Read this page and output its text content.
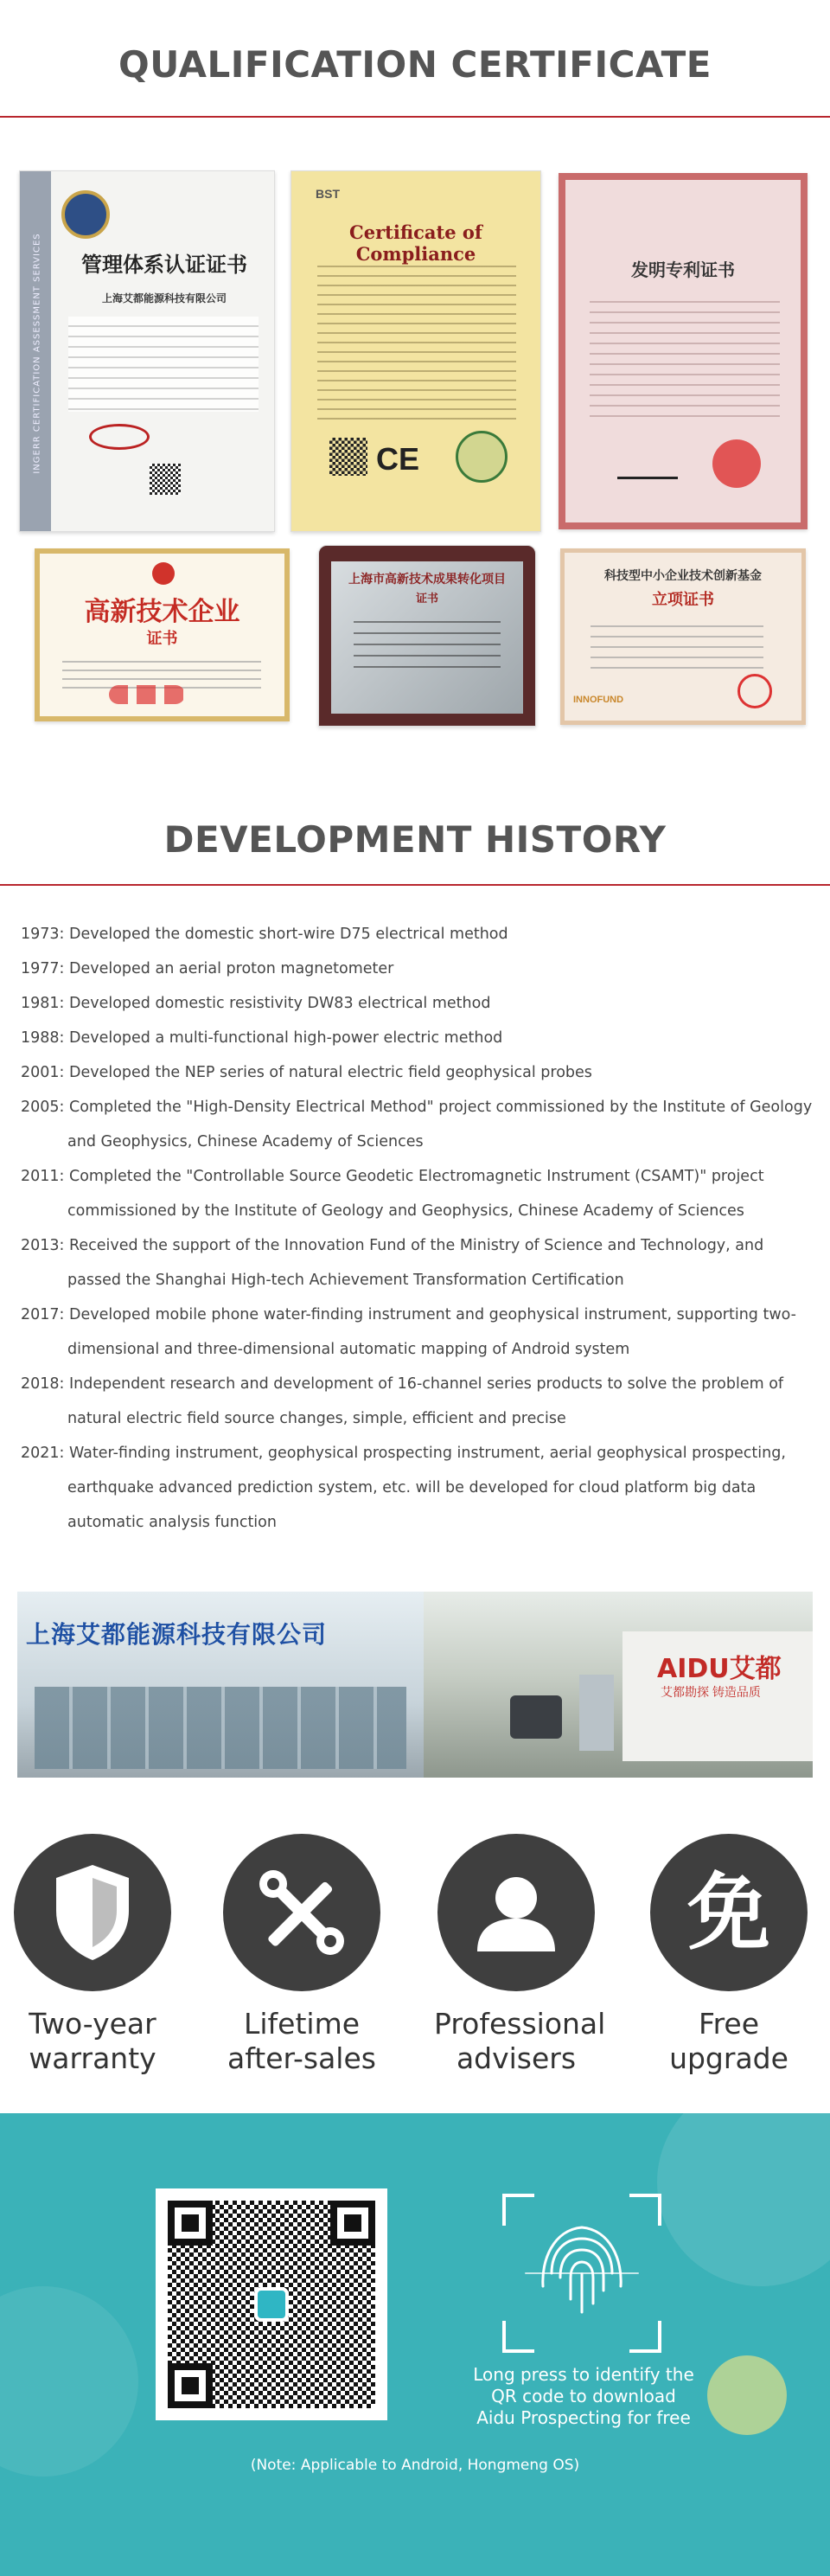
QUALIFICATION CERTIFICATE
INGERR CERTIFICATION ASSESSMENT SERVICES	管理体系认证证书
上海艾都能源科技有限公司
BST
Certificate of Compliance
CE
发明专利证书
高新技术企业
证书
上海市高新技术成果转化项目
证书
科技型中小企业技术创新基金
立项证书
INNOFUND
DEVELOPMENT HISTORY
1973: Developed the domestic short-wire D75 electrical method
1977: Developed an aerial proton magnetometer
1981: Developed domestic resistivity DW83 electrical method
1988: Developed a multi-functional high-power electric method
2001: Developed the NEP series of natural electric field geophysical probes
2005: Completed the "High-Density Electrical Method" project commissioned by the Institute of Geology and Geophysics, Chinese Academy of Sciences
2011: Completed the "Controllable Source Geodetic Electromagnetic Instrument (CSAMT)" project commissioned by the Institute of Geology and Geophysics, Chinese Academy of Sciences
2013: Received the support of the Innovation Fund of the Ministry of Science and Technology, and passed the Shanghai High-tech Achievement Transformation Certification
2017: Developed mobile phone water-finding instrument and geophysical instrument, supporting two-dimensional and three-dimensional automatic mapping of Android system
2018: Independent research and development of 16-channel series products to solve the problem of natural electric field source changes, simple, efficient and precise
2021: Water-finding instrument, geophysical prospecting instrument, aerial geophysical prospecting, earthquake advanced prediction system, etc. will be developed for cloud platform big data automatic analysis function
上海艾都能源科技有限公司
AIDU艾都
艾都勘探 铸造品质
Two-year
warranty
Lifetime
after-sales
Professional
advisers
免
Free
upgrade
Long press to identify the
QR code to download
Aidu Prospecting for free
(Note: Applicable to Android, Hongmeng OS)
